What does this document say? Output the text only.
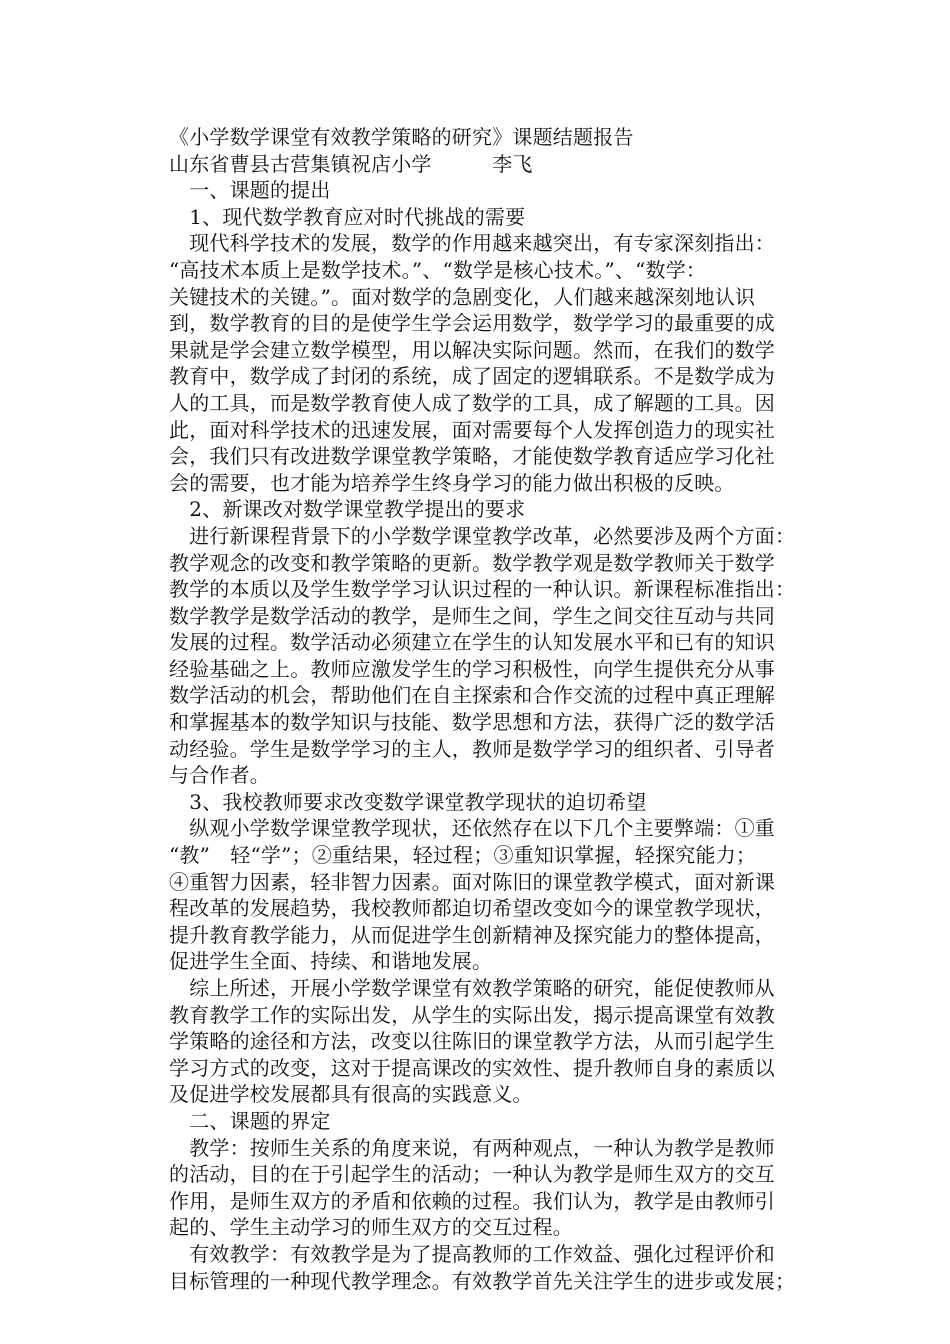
《小学数学课堂有效教学策略的研究》课题结题报告
山东省曹县古营集镇祝店小学　　　李飞
　一、课题的提出
　1、现代数学教育应对时代挑战的需要
　现代科学技术的发展，数学的作用越来越突出，有专家深刻指出：
“高技术本质上是数学技术。”、“数学是核心技术。”、“数学：
关键技术的关键。”。面对数学的急剧变化，人们越来越深刻地认识
到，数学教育的目的是使学生学会运用数学，数学学习的最重要的成
果就是学会建立数学模型，用以解决实际问题。然而，在我们的数学
教育中，数学成了封闭的系统，成了固定的逻辑联系。不是数学成为
人的工具，而是数学教育使人成了数学的工具，成了解题的工具。因
此，面对科学技术的迅速发展，面对需要每个人发挥创造力的现实社
会，我们只有改进数学课堂教学策略，才能使数学教育适应学习化社
会的需要，也才能为培养学生终身学习的能力做出积极的反映。
　2、新课改对数学课堂教学提出的要求
　进行新课程背景下的小学数学课堂教学改革，必然要涉及两个方面：
教学观念的改变和教学策略的更新。数学教学观是数学教师关于数学
教学的本质以及学生数学学习认识过程的一种认识。新课程标准指出：
数学教学是数学活动的教学，是师生之间，学生之间交往互动与共同
发展的过程。数学活动必须建立在学生的认知发展水平和已有的知识
经验基础之上。教师应激发学生的学习积极性，向学生提供充分从事
数学活动的机会，帮助他们在自主探索和合作交流的过程中真正理解
和掌握基本的数学知识与技能、数学思想和方法，获得广泛的数学活
动经验。学生是数学学习的主人，教师是数学学习的组织者、引导者
与合作者。
　3、我校教师要求改变数学课堂教学现状的迫切希望
　纵观小学数学课堂教学现状，还依然存在以下几个主要弊端：①重
“教”　轻“学”；②重结果，轻过程；③重知识掌握，轻探究能力；
④重智力因素，轻非智力因素。面对陈旧的课堂教学模式，面对新课
程改革的发展趋势，我校教师都迫切希望改变如今的课堂教学现状，
提升教育教学能力，从而促进学生创新精神及探究能力的整体提高，
促进学生全面、持续、和谐地发展。
　综上所述，开展小学数学课堂有效教学策略的研究，能促使教师从
教育教学工作的实际出发，从学生的实际出发，揭示提高课堂有效教
学策略的途径和方法，改变以往陈旧的课堂教学方法，从而引起学生
学习方式的改变，这对于提高课改的实效性、提升教师自身的素质以
及促进学校发展都具有很高的实践意义。
　二、课题的界定
　教学：按师生关系的角度来说，有两种观点，一种认为教学是教师
的活动，目的在于引起学生的活动；一种认为教学是师生双方的交互
作用，是师生双方的矛盾和依赖的过程。我们认为，教学是由教师引
起的、学生主动学习的师生双方的交互过程。
　有效教学：有效教学是为了提高教师的工作效益、强化过程评价和
目标管理的一种现代教学理念。有效教学首先关注学生的进步或发展；
